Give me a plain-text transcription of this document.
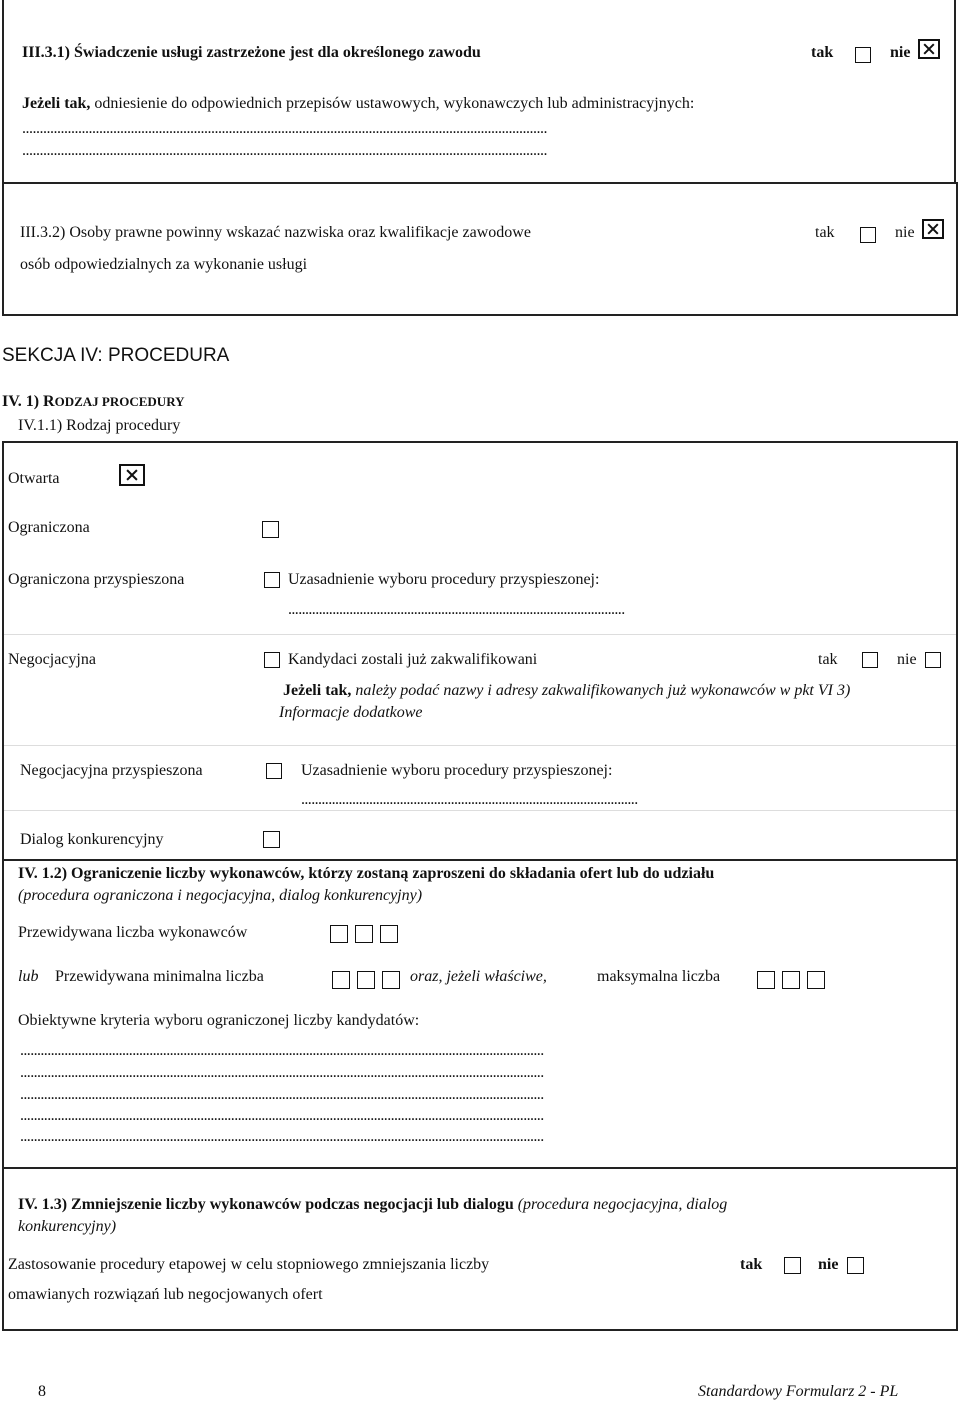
III.3.1) Świadczenie usługi zastrzeżone jest dla określonego zawodu	tak	nie
Jeżeli tak, odniesienie do odpowiednich przepisów ustawowych, wykonawczych lub administracyjnych:
......................................................................................................................................................
......................................................................................................................................................
III.3.2) Osoby prawne powinny wskazać nazwiska oraz kwalifikacje zawodowe
osób odpowiedzialnych za wykonanie usługi
tak	nie
SEKCJA IV: PROCEDURA
IV. 1) RODZAJ PROCEDURY
IV.1.1) Rodzaj procedury
Otwarta
Ograniczona
Ograniczona przyspieszona	Uzasadnienie wyboru procedury przyspieszonej:
...................................................................................................
Negocjacyjna	Kandydaci zostali już zakwalifikowani	tak	nie
Jeżeli tak, należy podać nazwy i adresy zakwalifikowanych już wykonawców w pkt VI 3)
Informacje dodatkowe
Negocjacyjna przyspieszona	Uzasadnienie wyboru procedury przyspieszonej:
...................................................................................................
Dialog konkurencyjny
IV. 1.2) Ograniczenie liczby wykonawców, którzy zostaną zaproszeni do składania ofert lub do udziału
(procedura ograniczona i negocjacyjna, dialog konkurencyjny)
Przewidywana liczba wykonawców
lub Przewidywana minimalna liczba	oraz, jeżeli właściwe,	maksymalna liczba
Obiektywne kryteria wyboru ograniczonej liczby kandydatów:
..........................................................................................................................................................
..........................................................................................................................................................
..........................................................................................................................................................
..........................................................................................................................................................
..........................................................................................................................................................
IV. 1.3) Zmniejszenie liczby wykonawców podczas negocjacji lub dialogu (procedura negocjacyjna, dialog
konkurencyjny)
Zastosowanie procedury etapowej w celu stopniowego zmniejszania liczby
omawianych rozwiązań lub negocjowanych ofert
tak	nie
8	Standardowy Formularz 2 - PL
